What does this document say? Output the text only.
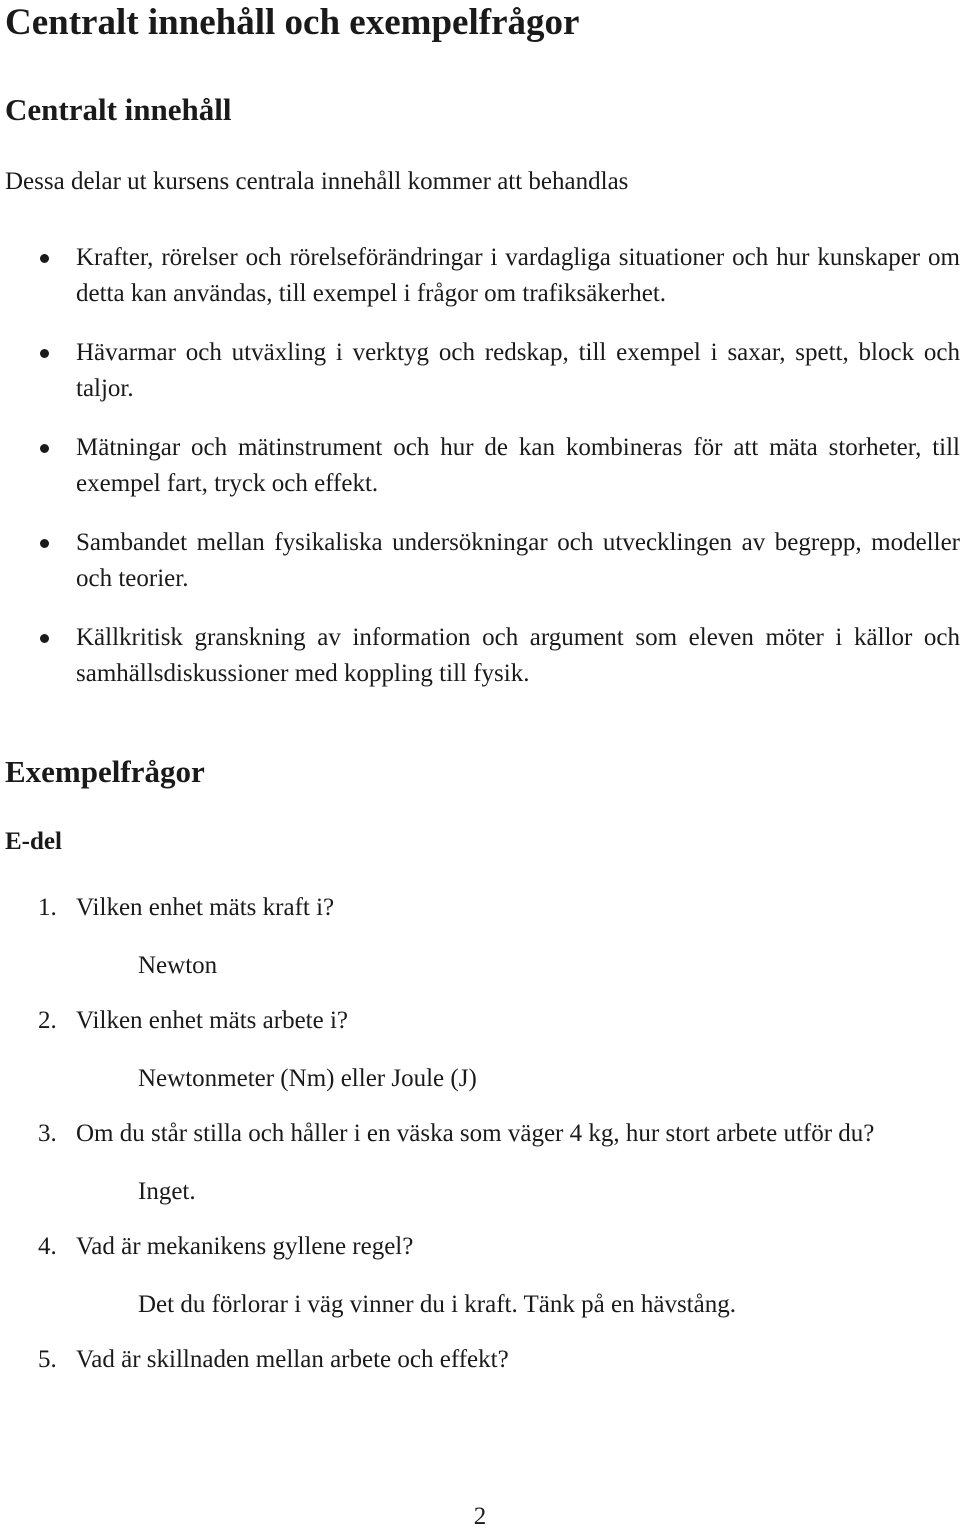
Centralt innehåll och exempelfrågor
Centralt innehåll

Dessa delar ut kursens centrala innehåll kommer att behandlas

Krafter, rörelser och rörelseförändringar i vardagliga situationer och hur kunskaper om detta kan användas, till exempel i frågor om trafiksäkerhet.
Hävarmar och utväxling i verktyg och redskap, till exempel i saxar, spett, block och taljor.
Mätningar och mätinstrument och hur de kan kombineras för att mäta storheter, till exempel fart, tryck och effekt.
Sambandet mellan fysikaliska undersökningar och utvecklingen av begrepp, modeller och teorier.
Källkritisk granskning av information och argument som eleven möter i källor och samhällsdiskussioner med koppling till fysik.
Exempelfrågor
E-del
1. Vilken enhet mäts kraft i?
Newton
2. Vilken enhet mäts arbete i?
Newtonmeter (Nm) eller Joule (J)
3. Om du står stilla och håller i en väska som väger 4 kg, hur stort arbete utför du?
Inget.
4. Vad är mekanikens gyllene regel?
Det du förlorar i väg vinner du i kraft. Tänk på en hävstång.
5. Vad är skillnaden mellan arbete och effekt?
2
